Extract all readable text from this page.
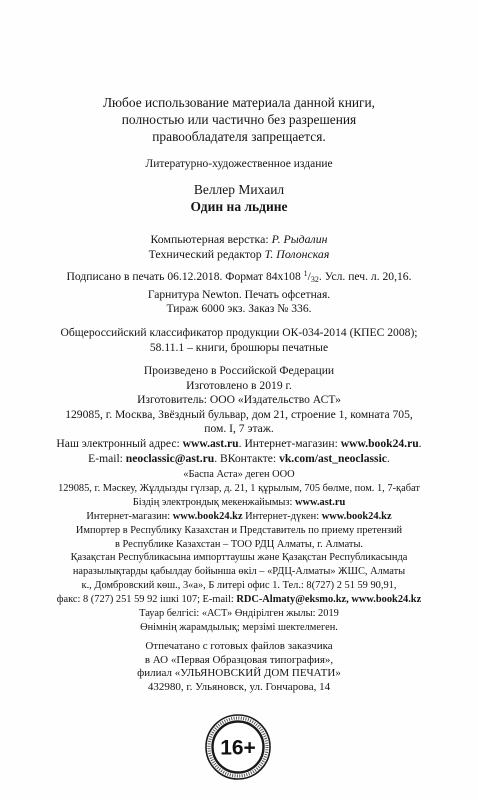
Любое использование материала данной книги,
полностью или частично без разрешения
правообладателя запрещается.
Литературно-художественное издание
Веллер Михаил
Один на льдине
Компьютерная верстка: Р. Рыдалин
Технический редактор Т. Полонская
Подписано в печать 06.12.2018. Формат 84х108 $^1/_{32}$. Усл. печ. л. 20,16.
Гарнитура Newton. Печать офсетная.
Тираж 6000 экз. Заказ № 336.
Общероссийский классификатор продукции ОК-034-2014 (КПЕС 2008);
58.11.1 – книги, брошюры печатные
Произведено в Российской Федерации
Изготовлено в 2019 г.
Изготовитель: ООО «Издательство АСТ»
129085, г. Москва, Звёздный бульвар, дом 21, строение 1, комната 705,
пом. I, 7 этаж.
Наш электронный адрес: www.ast.ru. Интернет-магазин: www.book24.ru.
E-mail: neoclassic@ast.ru. ВКонтакте: vk.com/ast_neoclassic.
«Баспа Аста» деген ООО
129085, г. Мәскеу, Жұлдызды гүлзар, д. 21, 1 құрылым, 705 бөлме, пом. 1, 7-қабат
Біздің электрондық мекенжайымыз: www.ast.ru
Интернет-магазин: www.book24.kz Интернет-дүкен: www.book24.kz
Импортер в Республику Казахстан и Представитель по приему претензий
в Республике Казахстан – ТОО РДЦ Алматы, г. Алматы.
Қазақстан Республикасына импорттаушы және Қазақстан Республикасында
наразылықтарды қабылдау бойынша өкіл – «РДЦ-Алматы» ЖШС, Алматы
к., Домбровский көш., 3«а», Б литері офис 1. Тел.: 8(727) 2 51 59 90,91,
факс: 8 (727) 251 59 92 ішкі 107; E-mail: RDC-Almaty@eksmo.kz, www.book24.kz
Тауар белгісі: «АСТ» Өндірілген жылы: 2019
Өнімнің жарамдылық; мерзімі шектелмеген.
Отпечатано с готовых файлов заказчика
в АО «Первая Образцовая типография»,
филиал «УЛЬЯНОВСКИЙ ДОМ ПЕЧАТИ»
432980, г. Ульяновск, ул. Гончарова, 14
16+
